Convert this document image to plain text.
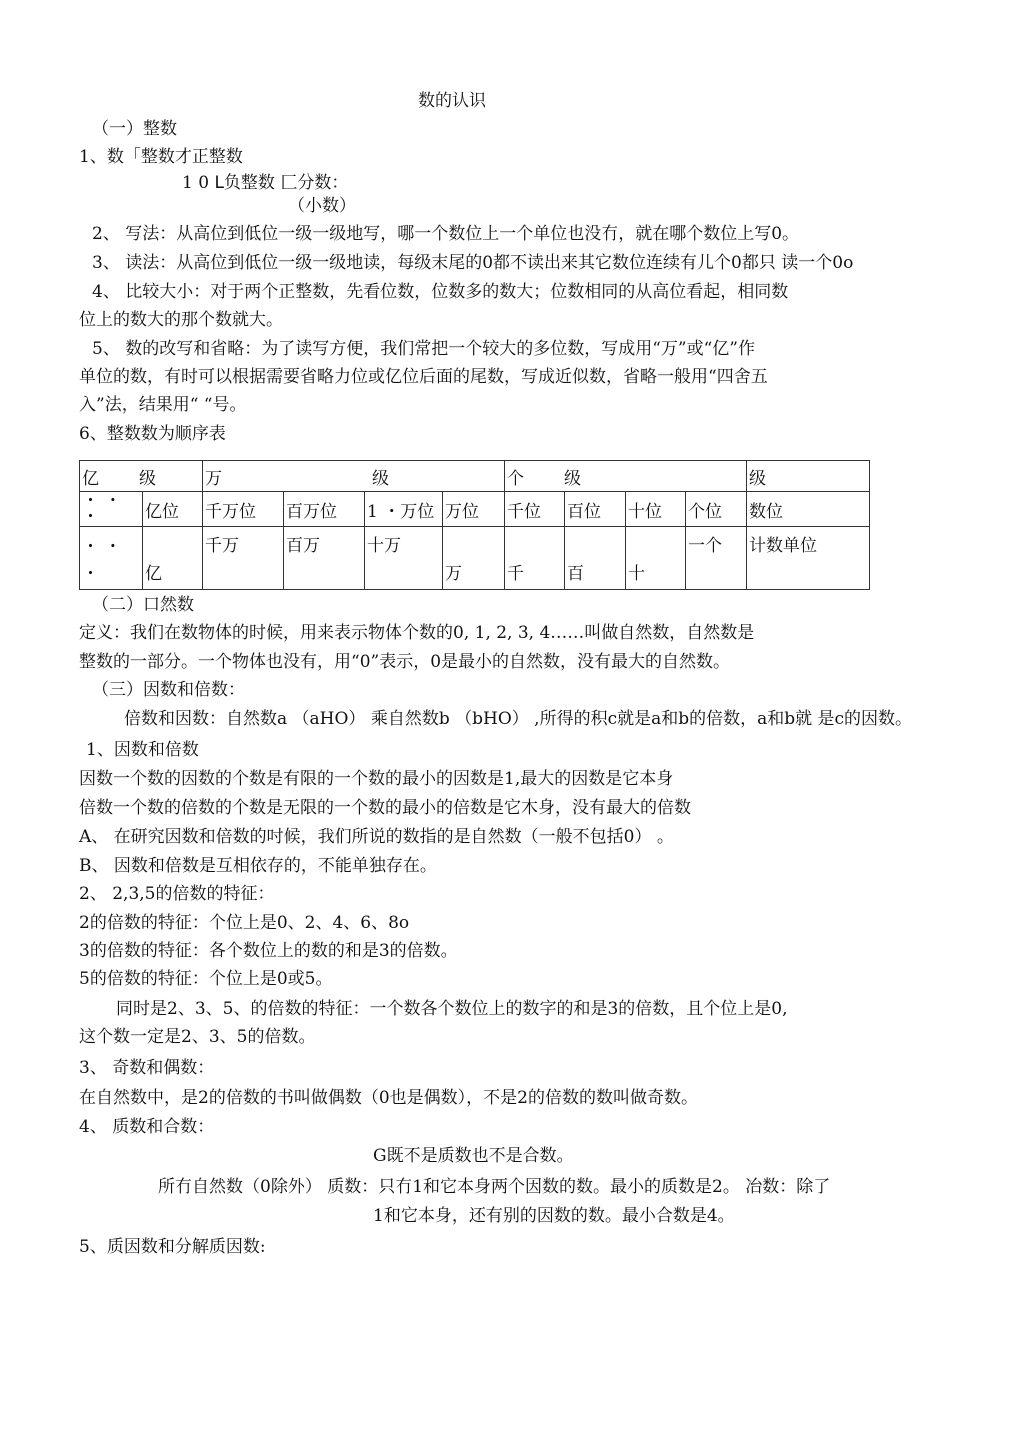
数的认识
（一）整数
1、数「整数才正整数
1 0 ᒪ负整数 匚分数：
（小数）
2、 写法：从高位到低位一级一级地写，哪一个数位上一个单位也没冇，就在哪个数位上写0。
3、 读法：从高位到低位一级一级地读，每级末尾的0都不读出来其它数位连续有儿个0都只 读一个0o
4、 比较大小：对于两个正整数，先看位数，位数多的数大；位数相同的从高位看起，相同数
位上的数大的那个数就大。
5、 数的改写和省略：为了读写方便，我们常把一个较大的多位数，写成用“万”或“亿”作
单位的数，有时可以根据需要省略力位或亿位后面的尾数，写成近似数，省略一般用“四舍五
入”法，结果用“ “号。
6、整数数为顺序表
亿 级		万 级				个 级				级

・ ・
・	亿位	千万位	百万位	1 ・万位	万位	千位	百位	十位	个位	数位

・ ・
・	亿	千万	百万	十万	万	千	百	十	一个	计数单位
（二）口然数
定义：我们在数物体的时候，用来表示物体个数的0, 1, 2, 3, 4……叫做自然数，自然数是
整数的一部分。一个物体也没有，用“0”表示，0是最小的自然数，没有最大的自然数。
（三）因数和倍数：
倍数和因数：自然数a （aHO） 乘自然数b （bHO） ,所得的积c就是a和b的倍数，a和b就 是c的因数。
1、因数和倍数
因数一个数的因数的个数是有限的一个数的最小的因数是1,最大的因数是它本身
倍数一个数的倍数的个数是无限的一个数的最小的倍数是它木身，没有最大的倍数
A、 在研究因数和倍数的吋候，我们所说的数指的是自然数（一般不包括0） 。
B、 因数和倍数是互相依存的，不能单独存在。
2、 2,3,5的倍数的特征：
2的倍数的特征：个位上是0、2、4、6、8o
3的倍数的特征：各个数位上的数的和是3的倍数。
5的倍数的特征：个位上是0或5。
同时是2、3、5、的倍数的特征：一个数各个数位上的数字的和是3的倍数，且个位上是0,
这个数一定是2、3、5的倍数。
3、 奇数和偶数：
在自然数中，是2的倍数的书叫做偶数（0也是偶数），不是2的倍数的数叫做奇数。
4、 质数和合数：
G既不是质数也不是合数。
所冇自然数（0除外） 质数：只冇1和它本身两个因数的数。最小的质数是2。 冶数：除了
1和它本身，还有别的因数的数。最小合数是4。
5、质因数和分解质因数:
